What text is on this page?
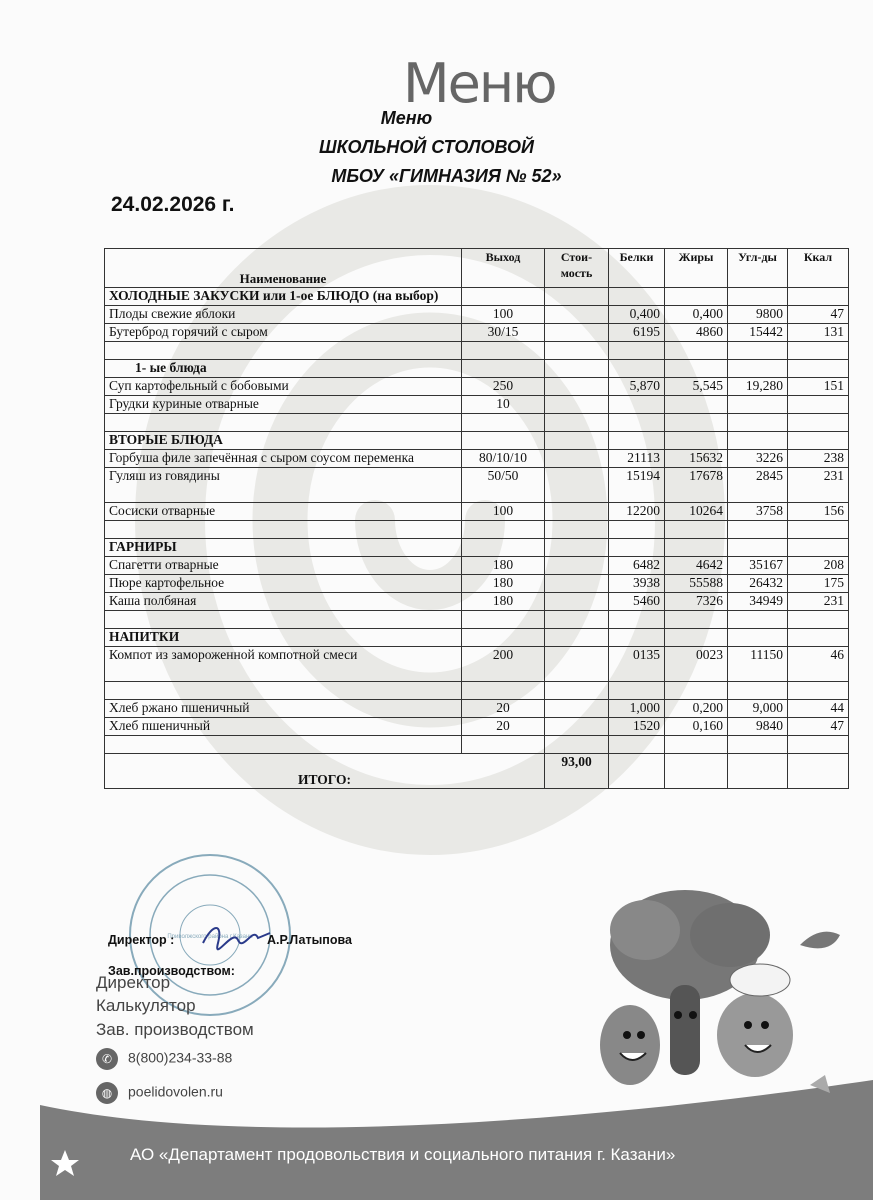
Меню
Меню
ШКОЛЬНОЙ СТОЛОВОЙ
МБОУ «ГИМНАЗИЯ № 52»
24.02.2026 г.
Наименование	Выход	Стои-мость	Белки	Жиры	Угл-ды	Ккал
ХОЛОДНЫЕ ЗАКУСКИ или 1-ое БЛЮДО (на выбор)						
Плоды свежие яблоки	100		0,400	0,400	9800	47
Бутерброд горячий с сыром	30/15		6195	4860	15442	131

1- ые блюда						
Суп картофельный с бобовыми	250		5,870	5,545	19,280	151
Грудки куриные отварные	10					

ВТОРЫЕ БЛЮДА						
Горбуша филе запечённая с сыром соусом переменка	80/10/10		21113	15632	3226	238
Гуляш из говядины	50/50		15194	17678	2845	231
Сосиски отварные	100		12200	10264	3758	156

ГАРНИРЫ						
Спагетти отварные	180		6482	4642	35167	208
Пюре картофельное	180		3938	55588	26432	175
Каша полбяная	180		5460	7326	34949	231

НАПИТКИ						
Компот из замороженной компотной смеси	200		0135	0023	11150	46

Хлеб ржано пшеничный	20		1,000	0,200	9,000	44
Хлеб пшеничный	20		1520	0,160	9840	47

ИТОГО:		93,00				
Приволжского района г.Казани
Директор :	А.Р.Латыпова
Зав.производством:
Директор
Калькулятор
Зав. производством
✆ 8(800)234-33-88
◍ poelidovolen.ru
АО «Департамент продовольствия и социального питания г. Казани»
